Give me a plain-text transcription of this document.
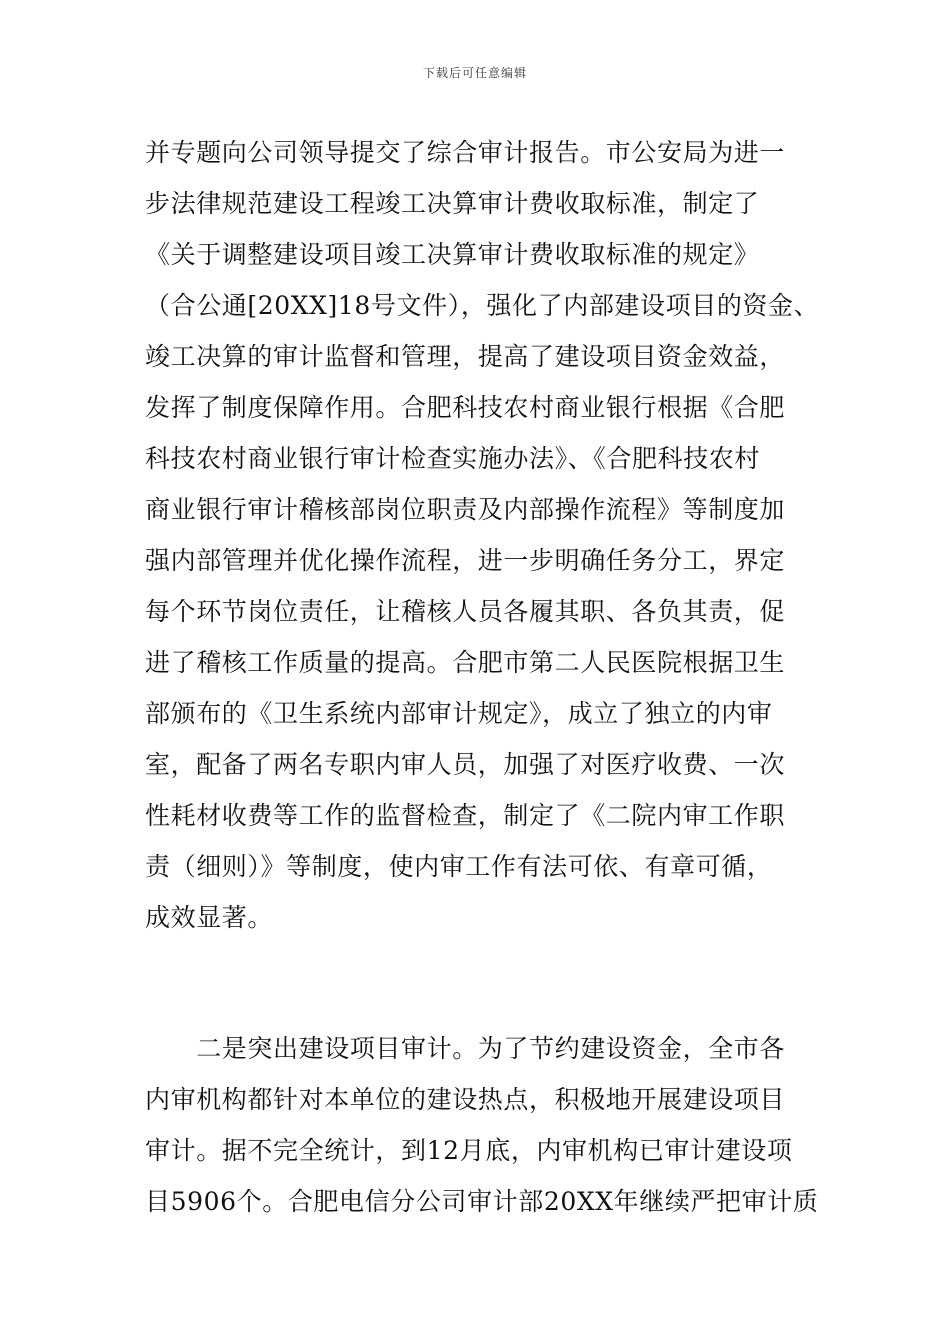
下载后可任意编辑
并专题向公司领导提交了综合审计报告。市公安局为进一
步法律规范建设工程竣工决算审计费收取标准，制定了
《关于调整建设项目竣工决算审计费收取标准的规定》
（合公通[20XX]18号文件），强化了内部建设项目的资金、
竣工决算的审计监督和管理，提高了建设项目资金效益，
发挥了制度保障作用。合肥科技农村商业银行根据《合肥
科技农村商业银行审计检查实施办法》、《合肥科技农村
商业银行审计稽核部岗位职责及内部操作流程》等制度加
强内部管理并优化操作流程，进一步明确任务分工，界定
每个环节岗位责任，让稽核人员各履其职、各负其责，促
进了稽核工作质量的提高。合肥市第二人民医院根据卫生
部颁布的《卫生系统内部审计规定》，成立了独立的内审
室，配备了两名专职内审人员，加强了对医疗收费、一次
性耗材收费等工作的监督检查，制定了《二院内审工作职
责（细则）》等制度，使内审工作有法可依、有章可循，
成效显著。
　　二是突出建设项目审计。为了节约建设资金，全市各
内审机构都针对本单位的建设热点，积极地开展建设项目
审计。据不完全统计，到12月底，内审机构已审计建设项
目5906个。合肥电信分公司审计部20XX年继续严把审计质
